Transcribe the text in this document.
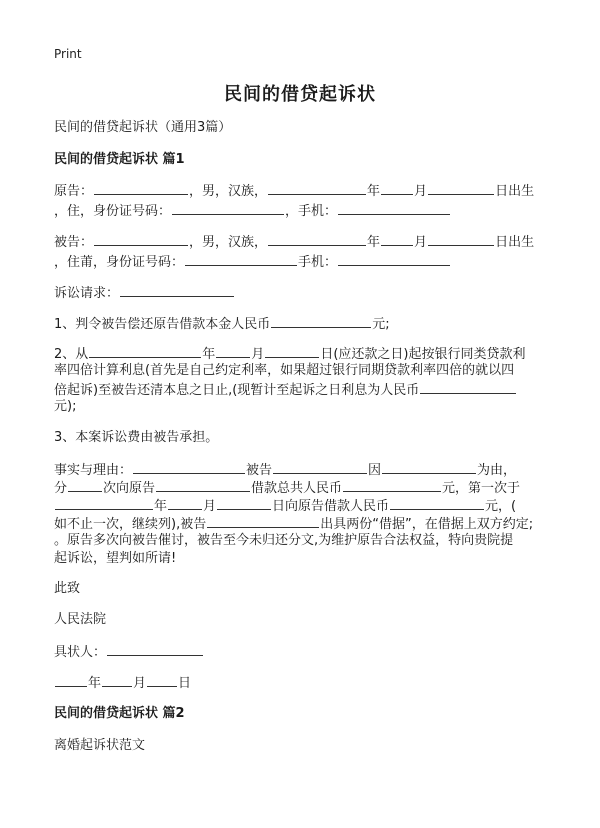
Print
民间的借贷起诉状
民间的借贷起诉状（通用3篇）
民间的借贷起诉状 篇1
原告：	，男，汉族，	年	月	日出生
，住，身份证号码：	，手机：
被告：	，男，汉族，	年	月	日出生
，住莆，身份证号码：	手机：
诉讼请求：
1、判令被告偿还原告借款本金人民币	元;
2、从	年	月	日(应还款之日)起按银行同类贷款利
率四倍计算利息(首先是自己约定利率，如果超过银行同期贷款利率四倍的就以四
倍起诉)至被告还清本息之日止,(现暂计至起诉之日利息为人民币
元);
3、本案诉讼费由被告承担。
事实与理由：	被告	因	为由，
分	次向原告	借款总共人民币	元，第一次于
年	月	日向原告借款人民币	元，(
如不止一次，继续列),被告	出具两份“借据”，在借据上双方约定;
。原告多次向被告催讨，被告至今未归还分文,为维护原告合法权益，特向贵院提
起诉讼，望判如所请!
此致
人民法院
具状人：
年 月 日
民间的借贷起诉状 篇2
离婚起诉状范文
